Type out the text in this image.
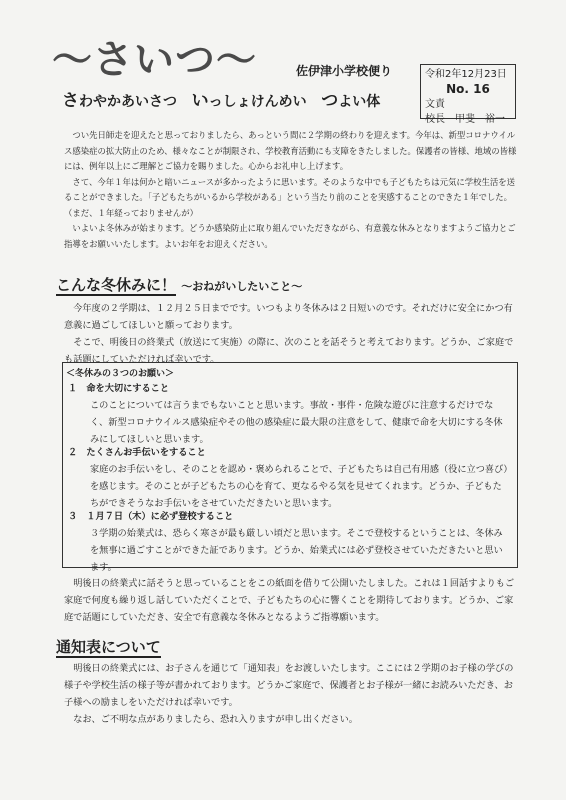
〜さいつ〜	佐伊津小学校便り
さわやかあいさつ いっしょけんめい つよい体
令和2年12月23日
No. 16
文責
校長　甲斐　裕一

つい先日師走を迎えたと思っておりましたら、あっという間に２学期の終わりを迎えます。今年は、新型コロナウイルス感染症の拡大防止のため、様々なことが制限され、学校教育活動にも支障をきたしました。保護者の皆様、地域の皆様には、例年以上にご理解とご協力を賜りました。心からお礼申し上げます。

さて、今年１年は何かと暗いニュースが多かったように思います。そのような中でも子どもたちは元気に学校生活を送ることができました。「子どもたちがいるから学校がある」という当たり前のことを実感することのできた１年でした。（まだ、１年経っておりませんが）

いよいよ冬休みが始まります。どうか感染防止に取り組んでいただきながら、有意義な休みとなりますようご協力とご指導をお願いいたします。よいお年をお迎えください。

こんな冬休みに！ 〜おねがいしたいこと〜

今年度の２学期は、１２月２５日までです。いつもより冬休みは２日短いのです。それだけに安全にかつ有意義に過ごしてほしいと願っております。

そこで、明後日の終業式（放送にて実施）の際に、次のことを話そうと考えております。どうか、ご家庭でも話題にしていただければ幸いです。

＜冬休みの３つのお願い＞
１　命を大切にすること
このことについては言うまでもないことと思います。事故・事件・危険な遊びに注意するだけでなく、新型コロナウイルス感染症やその他の感染症に最大限の注意をして、健康で命を大切にする冬休みにしてほしいと思います。
２　たくさんお手伝いをすること
家庭のお手伝いをし、そのことを認め・褒められることで、子どもたちは自己有用感（役に立つ喜び）を感じます。そのことが子どもたちの心を育て、更なるやる気を見せてくれます。どうか、子どもたちができそうなお手伝いをさせていただきたいと思います。
３　１月７日（木）に必ず登校すること
３学期の始業式は、恐らく寒さが最も厳しい頃だと思います。そこで登校するということは、冬休みを無事に過ごすことができた証であります。どうか、始業式には必ず登校させていただきたいと思います。

明後日の終業式に話そうと思っていることをこの紙面を借りて公開いたしました。これは１回話すよりもご家庭で何度も繰り返し話していただくことで、子どもたちの心に響くことを期待しております。どうか、ご家庭で話題にしていただき、安全で有意義な冬休みとなるようご指導願います。

通知表について

明後日の終業式には、お子さんを通じて「通知表」をお渡しいたします。ここには２学期のお子様の学びの様子や学校生活の様子等が書かれております。どうかご家庭で、保護者とお子様が一緒にお読みいただき、お子様への励ましをいただければ幸いです。

なお、ご不明な点がありましたら、恐れ入りますが申し出ください。
